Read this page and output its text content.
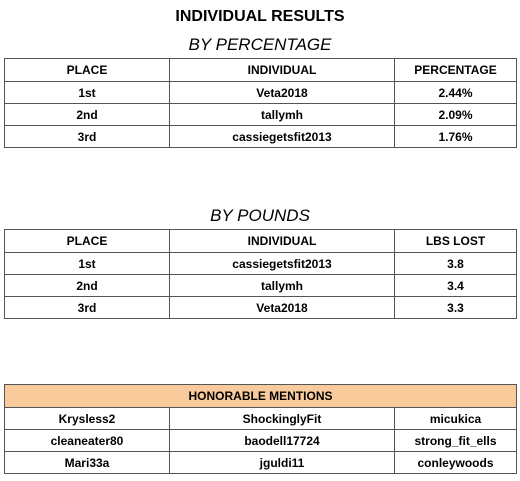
INDIVIDUAL RESULTS
BY PERCENTAGE
PLACE	INDIVIDUAL	PERCENTAGE
1st	Veta2018	2.44%
2nd	tallymh	2.09%
3rd	cassiegetsfit2013	1.76%
BY POUNDS
PLACE	INDIVIDUAL	LBS LOST
1st	cassiegetsfit2013	3.8
2nd	tallymh	3.4
3rd	Veta2018	3.3
HONORABLE MENTIONS		
Krysless2	ShockinglyFit	micukica
cleaneater80	baodell17724	strong_fit_ells
Mari33a	jguldi11	conleywoods
